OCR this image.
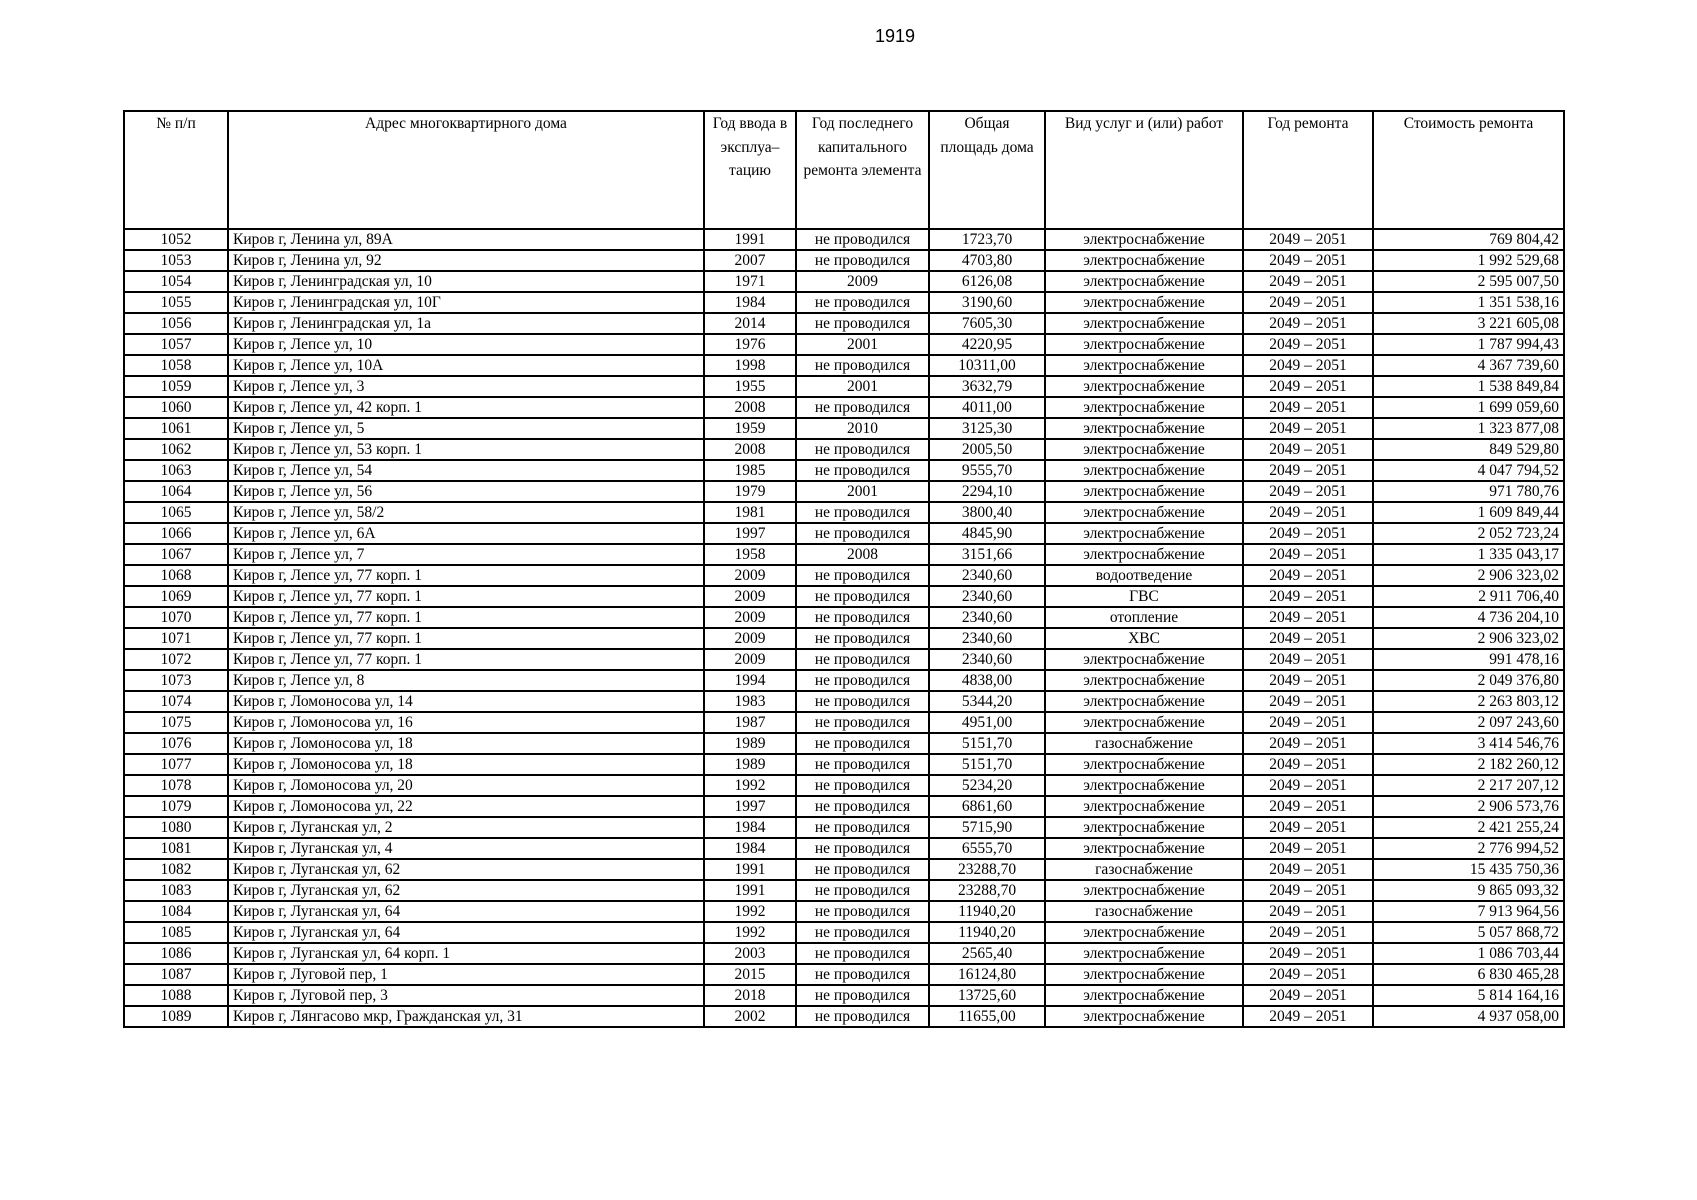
1919
№ п/п	Адрес многоквартирного дома	Год ввода в эксплуа–тацию	Год последнего капитального ремонта элемента	Общая площадь дома	Вид услуг и (или) работ	Год ремонта	Стоимость ремонта
1052	Киров г, Ленина ул, 89А	1991	не проводился	1723,70	электроснабжение	2049 – 2051	769 804,42
1053	Киров г, Ленина ул, 92	2007	не проводился	4703,80	электроснабжение	2049 – 2051	1 992 529,68
1054	Киров г, Ленинградская ул, 10	1971	2009	6126,08	электроснабжение	2049 – 2051	2 595 007,50
1055	Киров г, Ленинградская ул, 10Г	1984	не проводился	3190,60	электроснабжение	2049 – 2051	1 351 538,16
1056	Киров г, Ленинградская ул, 1а	2014	не проводился	7605,30	электроснабжение	2049 – 2051	3 221 605,08
1057	Киров г, Лепсе ул, 10	1976	2001	4220,95	электроснабжение	2049 – 2051	1 787 994,43
1058	Киров г, Лепсе ул, 10А	1998	не проводился	10311,00	электроснабжение	2049 – 2051	4 367 739,60
1059	Киров г, Лепсе ул, 3	1955	2001	3632,79	электроснабжение	2049 – 2051	1 538 849,84
1060	Киров г, Лепсе ул, 42 корп. 1	2008	не проводился	4011,00	электроснабжение	2049 – 2051	1 699 059,60
1061	Киров г, Лепсе ул, 5	1959	2010	3125,30	электроснабжение	2049 – 2051	1 323 877,08
1062	Киров г, Лепсе ул, 53 корп. 1	2008	не проводился	2005,50	электроснабжение	2049 – 2051	849 529,80
1063	Киров г, Лепсе ул, 54	1985	не проводился	9555,70	электроснабжение	2049 – 2051	4 047 794,52
1064	Киров г, Лепсе ул, 56	1979	2001	2294,10	электроснабжение	2049 – 2051	971 780,76
1065	Киров г, Лепсе ул, 58/2	1981	не проводился	3800,40	электроснабжение	2049 – 2051	1 609 849,44
1066	Киров г, Лепсе ул, 6А	1997	не проводился	4845,90	электроснабжение	2049 – 2051	2 052 723,24
1067	Киров г, Лепсе ул, 7	1958	2008	3151,66	электроснабжение	2049 – 2051	1 335 043,17
1068	Киров г, Лепсе ул, 77 корп. 1	2009	не проводился	2340,60	водоотведение	2049 – 2051	2 906 323,02
1069	Киров г, Лепсе ул, 77 корп. 1	2009	не проводился	2340,60	ГВС	2049 – 2051	2 911 706,40
1070	Киров г, Лепсе ул, 77 корп. 1	2009	не проводился	2340,60	отопление	2049 – 2051	4 736 204,10
1071	Киров г, Лепсе ул, 77 корп. 1	2009	не проводился	2340,60	ХВС	2049 – 2051	2 906 323,02
1072	Киров г, Лепсе ул, 77 корп. 1	2009	не проводился	2340,60	электроснабжение	2049 – 2051	991 478,16
1073	Киров г, Лепсе ул, 8	1994	не проводился	4838,00	электроснабжение	2049 – 2051	2 049 376,80
1074	Киров г, Ломоносова ул, 14	1983	не проводился	5344,20	электроснабжение	2049 – 2051	2 263 803,12
1075	Киров г, Ломоносова ул, 16	1987	не проводился	4951,00	электроснабжение	2049 – 2051	2 097 243,60
1076	Киров г, Ломоносова ул, 18	1989	не проводился	5151,70	газоснабжение	2049 – 2051	3 414 546,76
1077	Киров г, Ломоносова ул, 18	1989	не проводился	5151,70	электроснабжение	2049 – 2051	2 182 260,12
1078	Киров г, Ломоносова ул, 20	1992	не проводился	5234,20	электроснабжение	2049 – 2051	2 217 207,12
1079	Киров г, Ломоносова ул, 22	1997	не проводился	6861,60	электроснабжение	2049 – 2051	2 906 573,76
1080	Киров г, Луганская ул, 2	1984	не проводился	5715,90	электроснабжение	2049 – 2051	2 421 255,24
1081	Киров г, Луганская ул, 4	1984	не проводился	6555,70	электроснабжение	2049 – 2051	2 776 994,52
1082	Киров г, Луганская ул, 62	1991	не проводился	23288,70	газоснабжение	2049 – 2051	15 435 750,36
1083	Киров г, Луганская ул, 62	1991	не проводился	23288,70	электроснабжение	2049 – 2051	9 865 093,32
1084	Киров г, Луганская ул, 64	1992	не проводился	11940,20	газоснабжение	2049 – 2051	7 913 964,56
1085	Киров г, Луганская ул, 64	1992	не проводился	11940,20	электроснабжение	2049 – 2051	5 057 868,72
1086	Киров г, Луганская ул, 64 корп. 1	2003	не проводился	2565,40	электроснабжение	2049 – 2051	1 086 703,44
1087	Киров г, Луговой пер, 1	2015	не проводился	16124,80	электроснабжение	2049 – 2051	6 830 465,28
1088	Киров г, Луговой пер, 3	2018	не проводился	13725,60	электроснабжение	2049 – 2051	5 814 164,16
1089	Киров г, Лянгасово мкр, Гражданская ул, 31	2002	не проводился	11655,00	электроснабжение	2049 – 2051	4 937 058,00
